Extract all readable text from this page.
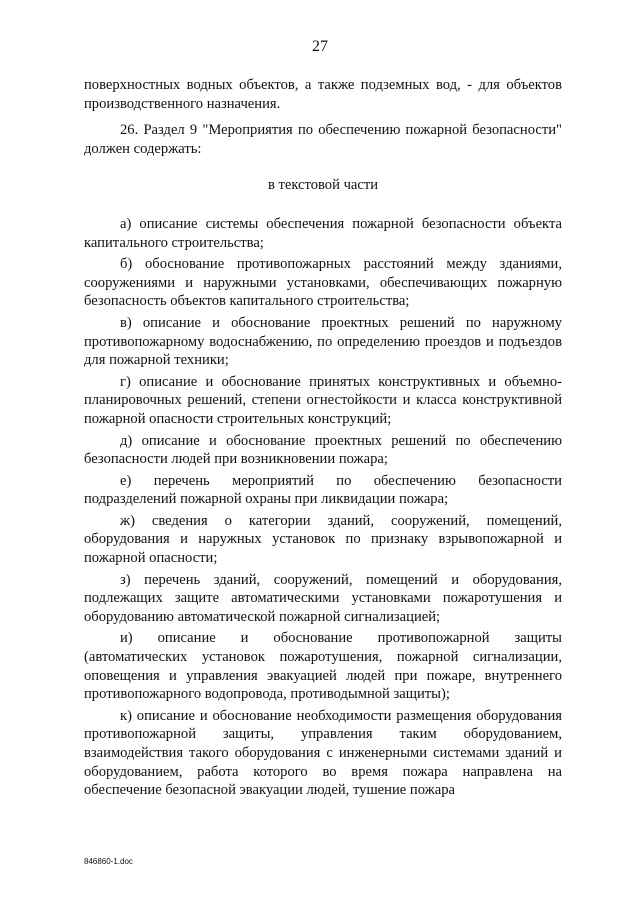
27

поверхностных водных объектов, а также подземных вод, - для объектов производственного назначения.

26. Раздел 9 "Мероприятия по обеспечению пожарной безопасности" должен содержать:

в текстовой части

а) описание системы обеспечения пожарной безопасности объекта капитального строительства;

б) обоснование противопожарных расстояний между зданиями, сооружениями и наружными установками, обеспечивающих пожарную безопасность объектов капитального строительства;

в) описание и обоснование проектных решений по наружному противопожарному водоснабжению, по определению проездов и подъездов для пожарной техники;

г) описание и обоснование принятых конструктивных и объемно-планировочных решений, степени огнестойкости и класса конструктивной пожарной опасности строительных конструкций;

д) описание и обоснование проектных решений по обеспечению безопасности людей при возникновении пожара;

е) перечень мероприятий по обеспечению безопасности подразделений пожарной охраны при ликвидации пожара;

ж) сведения о категории зданий, сооружений, помещений, оборудования и наружных установок по признаку взрывопожарной и пожарной опасности;

з) перечень зданий, сооружений, помещений и оборудования, подлежащих защите автоматическими установками пожаротушения и оборудованию автоматической пожарной сигнализацией;

и) описание и обоснование противопожарной защиты (автоматических установок пожаротушения, пожарной сигнализации, оповещения и управления эвакуацией людей при пожаре, внутреннего противопожарного водопровода, противодымной защиты);

к) описание и обоснование необходимости размещения оборудования противопожарной защиты, управления таким оборудованием, взаимодействия такого оборудования с инженерными системами зданий и оборудованием, работа которого во время пожара направлена на обеспечение безопасной эвакуации людей, тушение пожара

846860-1.doc
